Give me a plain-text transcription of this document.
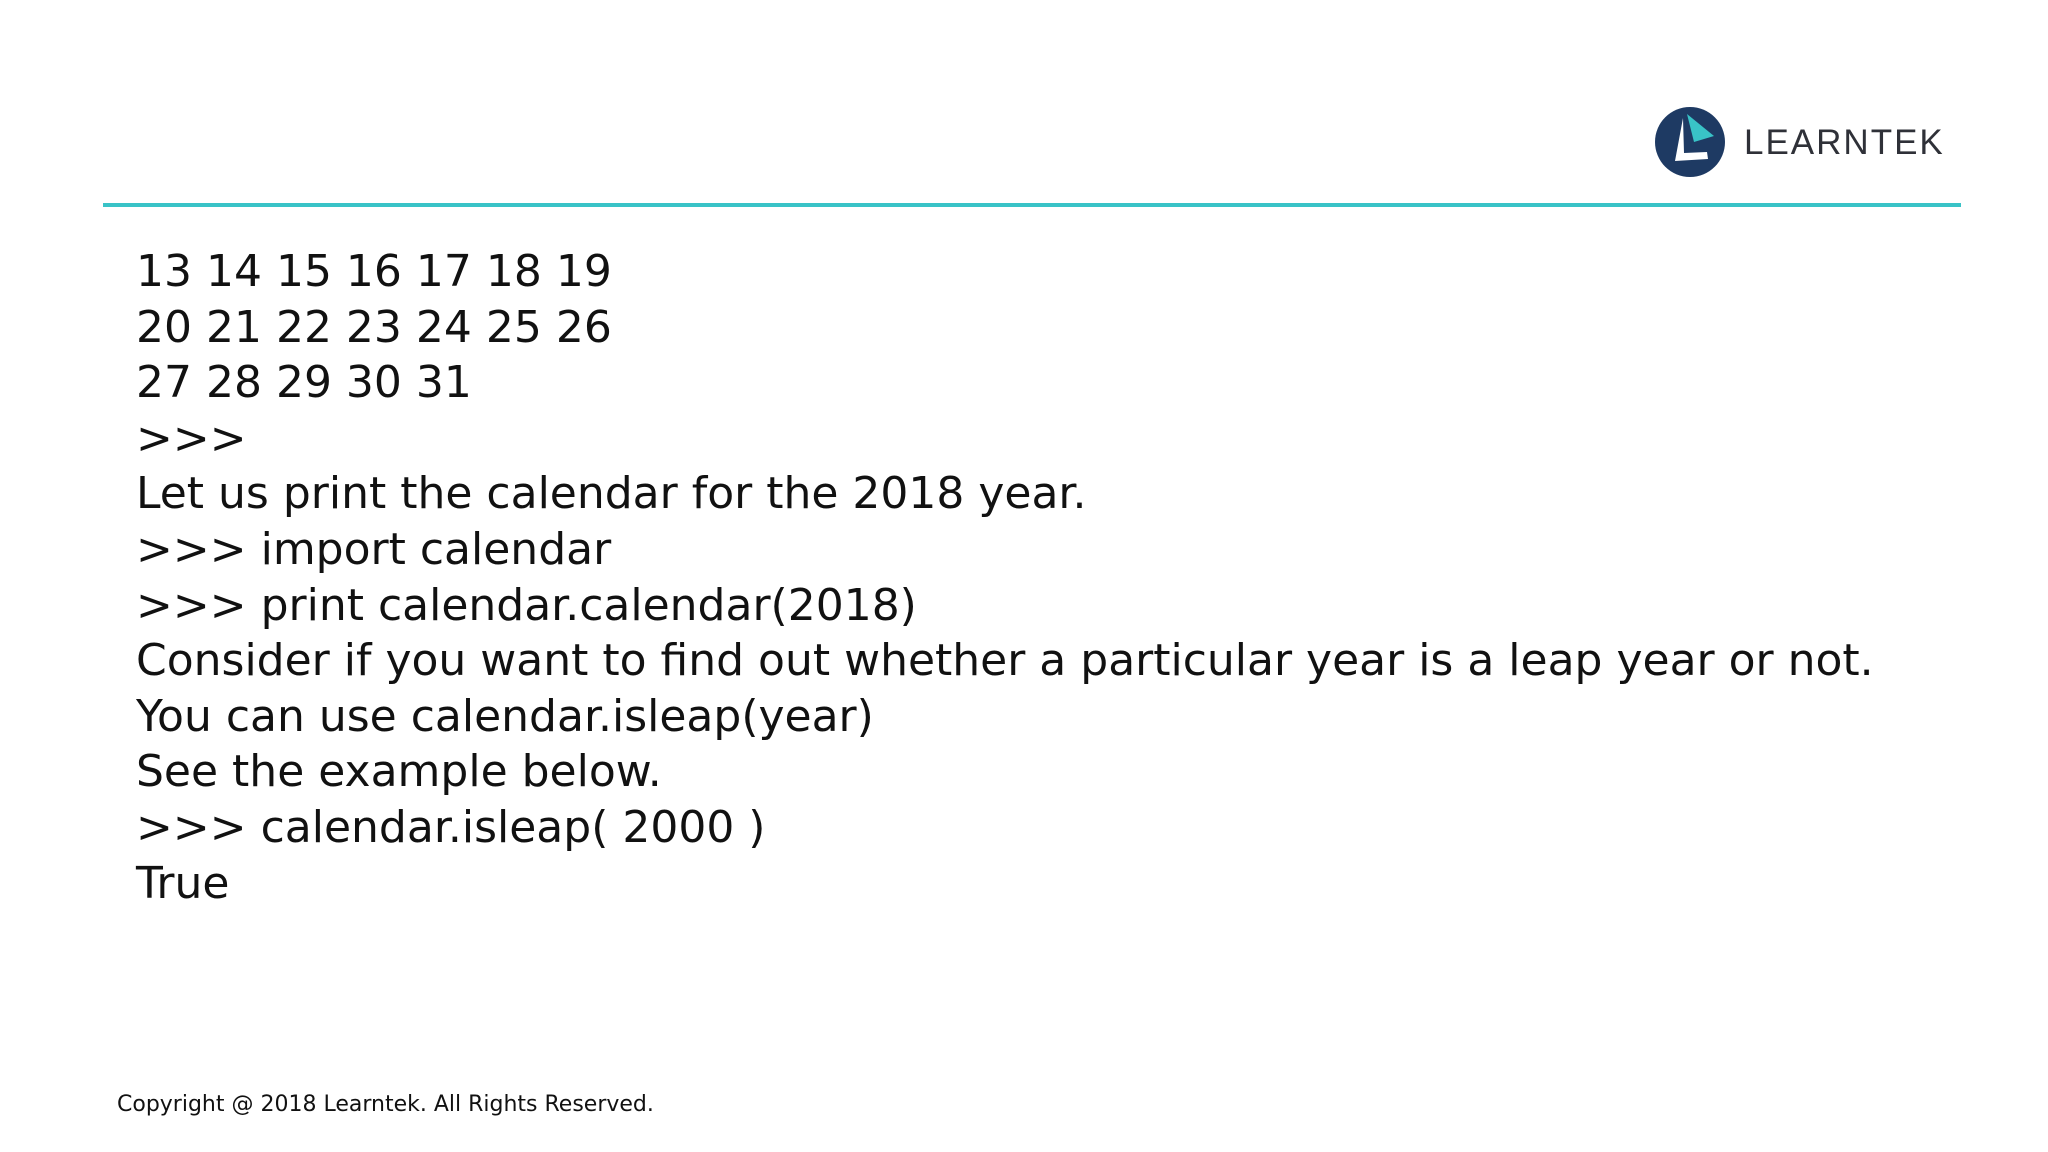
LEARNTEK
13 14 15 16 17 18 19
20 21 22 23 24 25 26
27 28 29 30 31
>>>
Let us print the calendar for the 2018 year.
>>> import calendar
>>> print calendar.calendar(2018)
Consider if you want to find out whether a particular year is a leap year or not.
You can use calendar.isleap(year)
See the example below.
>>> calendar.isleap( 2000 )
True
Copyright @ 2018 Learntek. All Rights Reserved.
